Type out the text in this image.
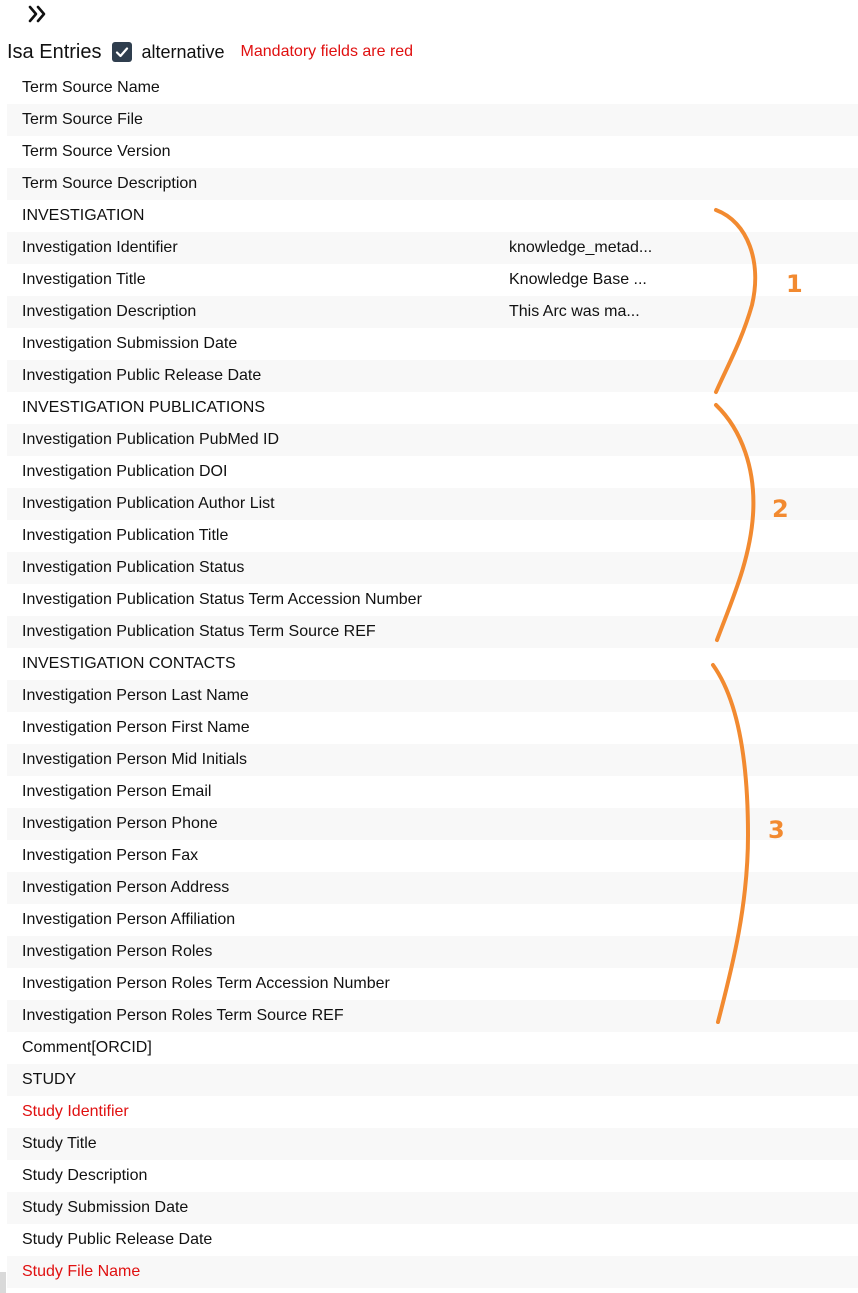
Isa Entries alternative Mandatory fields are red
Term Source Name
Term Source File
Term Source Version
Term Source Description
INVESTIGATION
Investigation Identifier	knowledge_metad...
Investigation Title	Knowledge Base ...
Investigation Description	This Arc was ma...
Investigation Submission Date
Investigation Public Release Date
INVESTIGATION PUBLICATIONS
Investigation Publication PubMed ID
Investigation Publication DOI
Investigation Publication Author List
Investigation Publication Title
Investigation Publication Status
Investigation Publication Status Term Accession Number
Investigation Publication Status Term Source REF
INVESTIGATION CONTACTS
Investigation Person Last Name
Investigation Person First Name
Investigation Person Mid Initials
Investigation Person Email
Investigation Person Phone
Investigation Person Fax
Investigation Person Address
Investigation Person Affiliation
Investigation Person Roles
Investigation Person Roles Term Accession Number
Investigation Person Roles Term Source REF
Comment[ORCID]
STUDY
Study Identifier
Study Title
Study Description
Study Submission Date
Study Public Release Date
Study File Name
1
2
3
